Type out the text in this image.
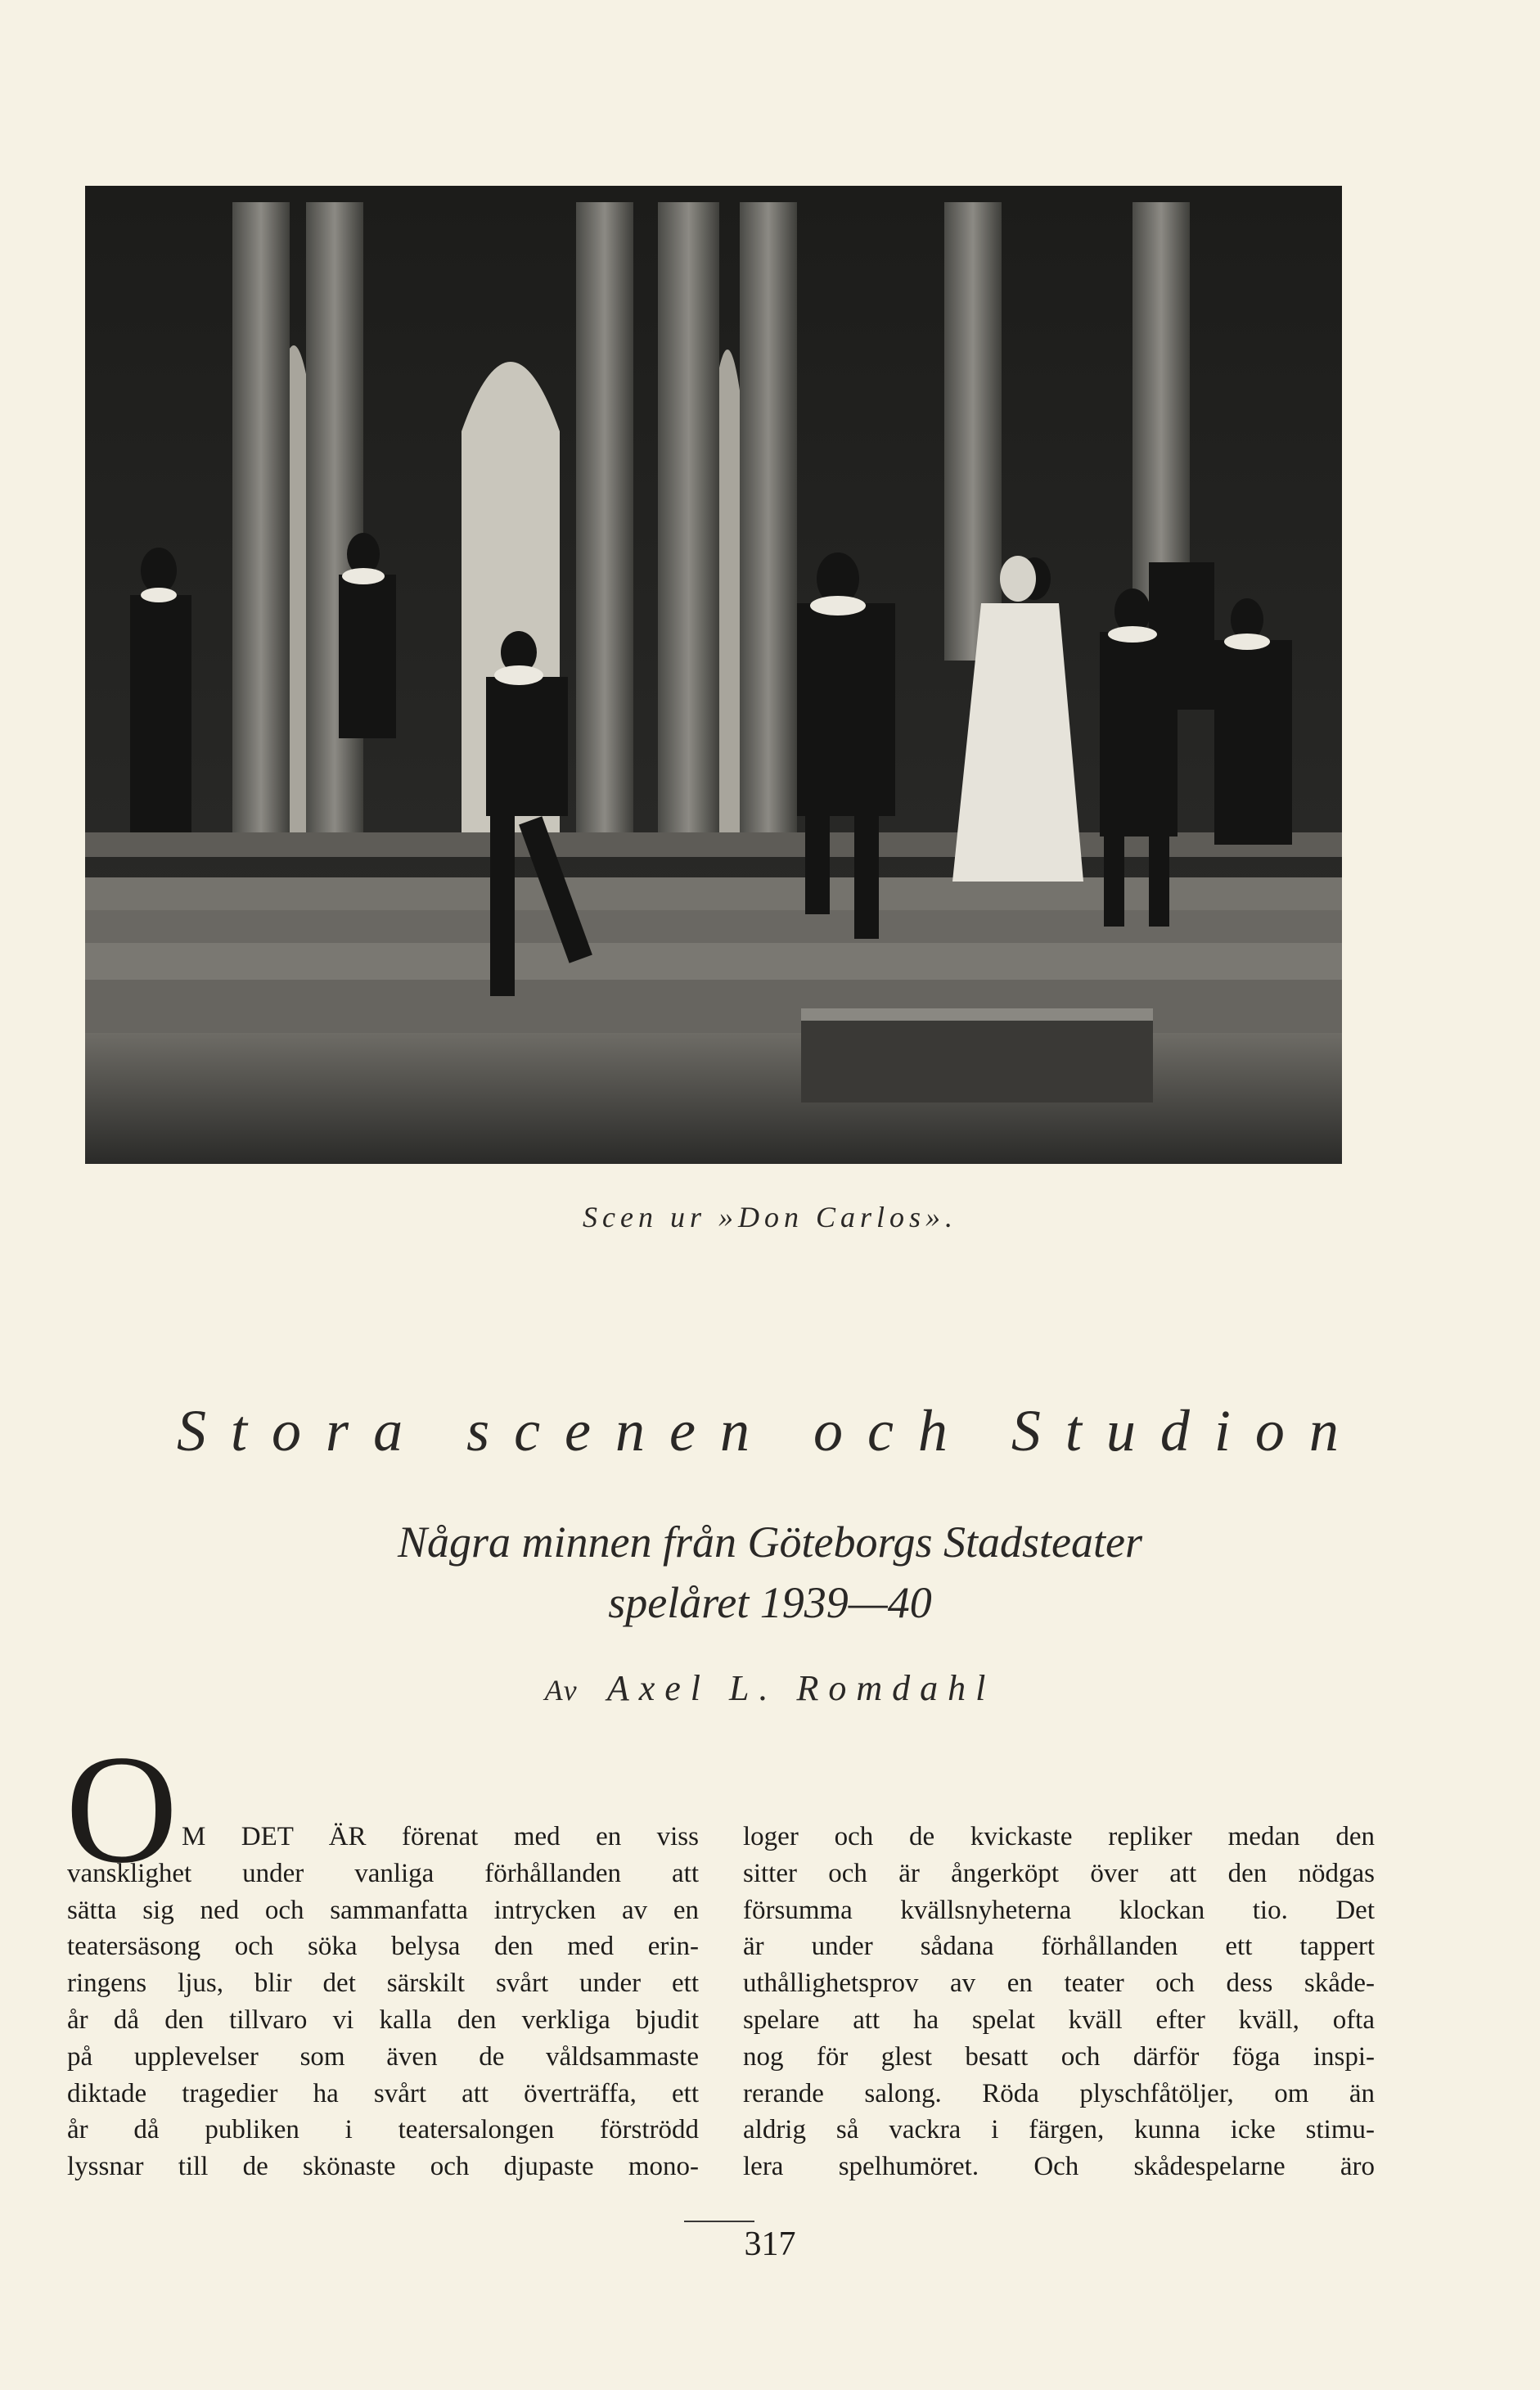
Scen ur »Don Carlos».
Stora scenen och Studion
Några minnen från Göteborgs Stadsteater
spelåret 1939—40
Av Axel L. Romdahl
O M DET ÄR förenat med en viss
vansklighet under vanliga förhållanden att
sätta sig ned och sammanfatta intrycken av en
teatersäsong och söka belysa den med erin-
ringens ljus, blir det särskilt svårt under ett
år då den tillvaro vi kalla den verkliga bjudit
på upplevelser som även de våldsammaste
diktade tragedier ha svårt att överträffa, ett
år då publiken i teatersalongen förströdd
lyssnar till de skönaste och djupaste mono-
loger och de kvickaste repliker medan den
sitter och är ångerköpt över att den nödgas
försumma kvällsnyheterna klockan tio. Det
är under sådana förhållanden ett tappert
uthållighetsprov av en teater och dess skåde-
spelare att ha spelat kväll efter kväll, ofta
nog för glest besatt och därför föga inspi-
rerande salong. Röda plyschfåtöljer, om än
aldrig så vackra i färgen, kunna icke stimu-
lera spelhumöret. Och skådespelarne äro
317
